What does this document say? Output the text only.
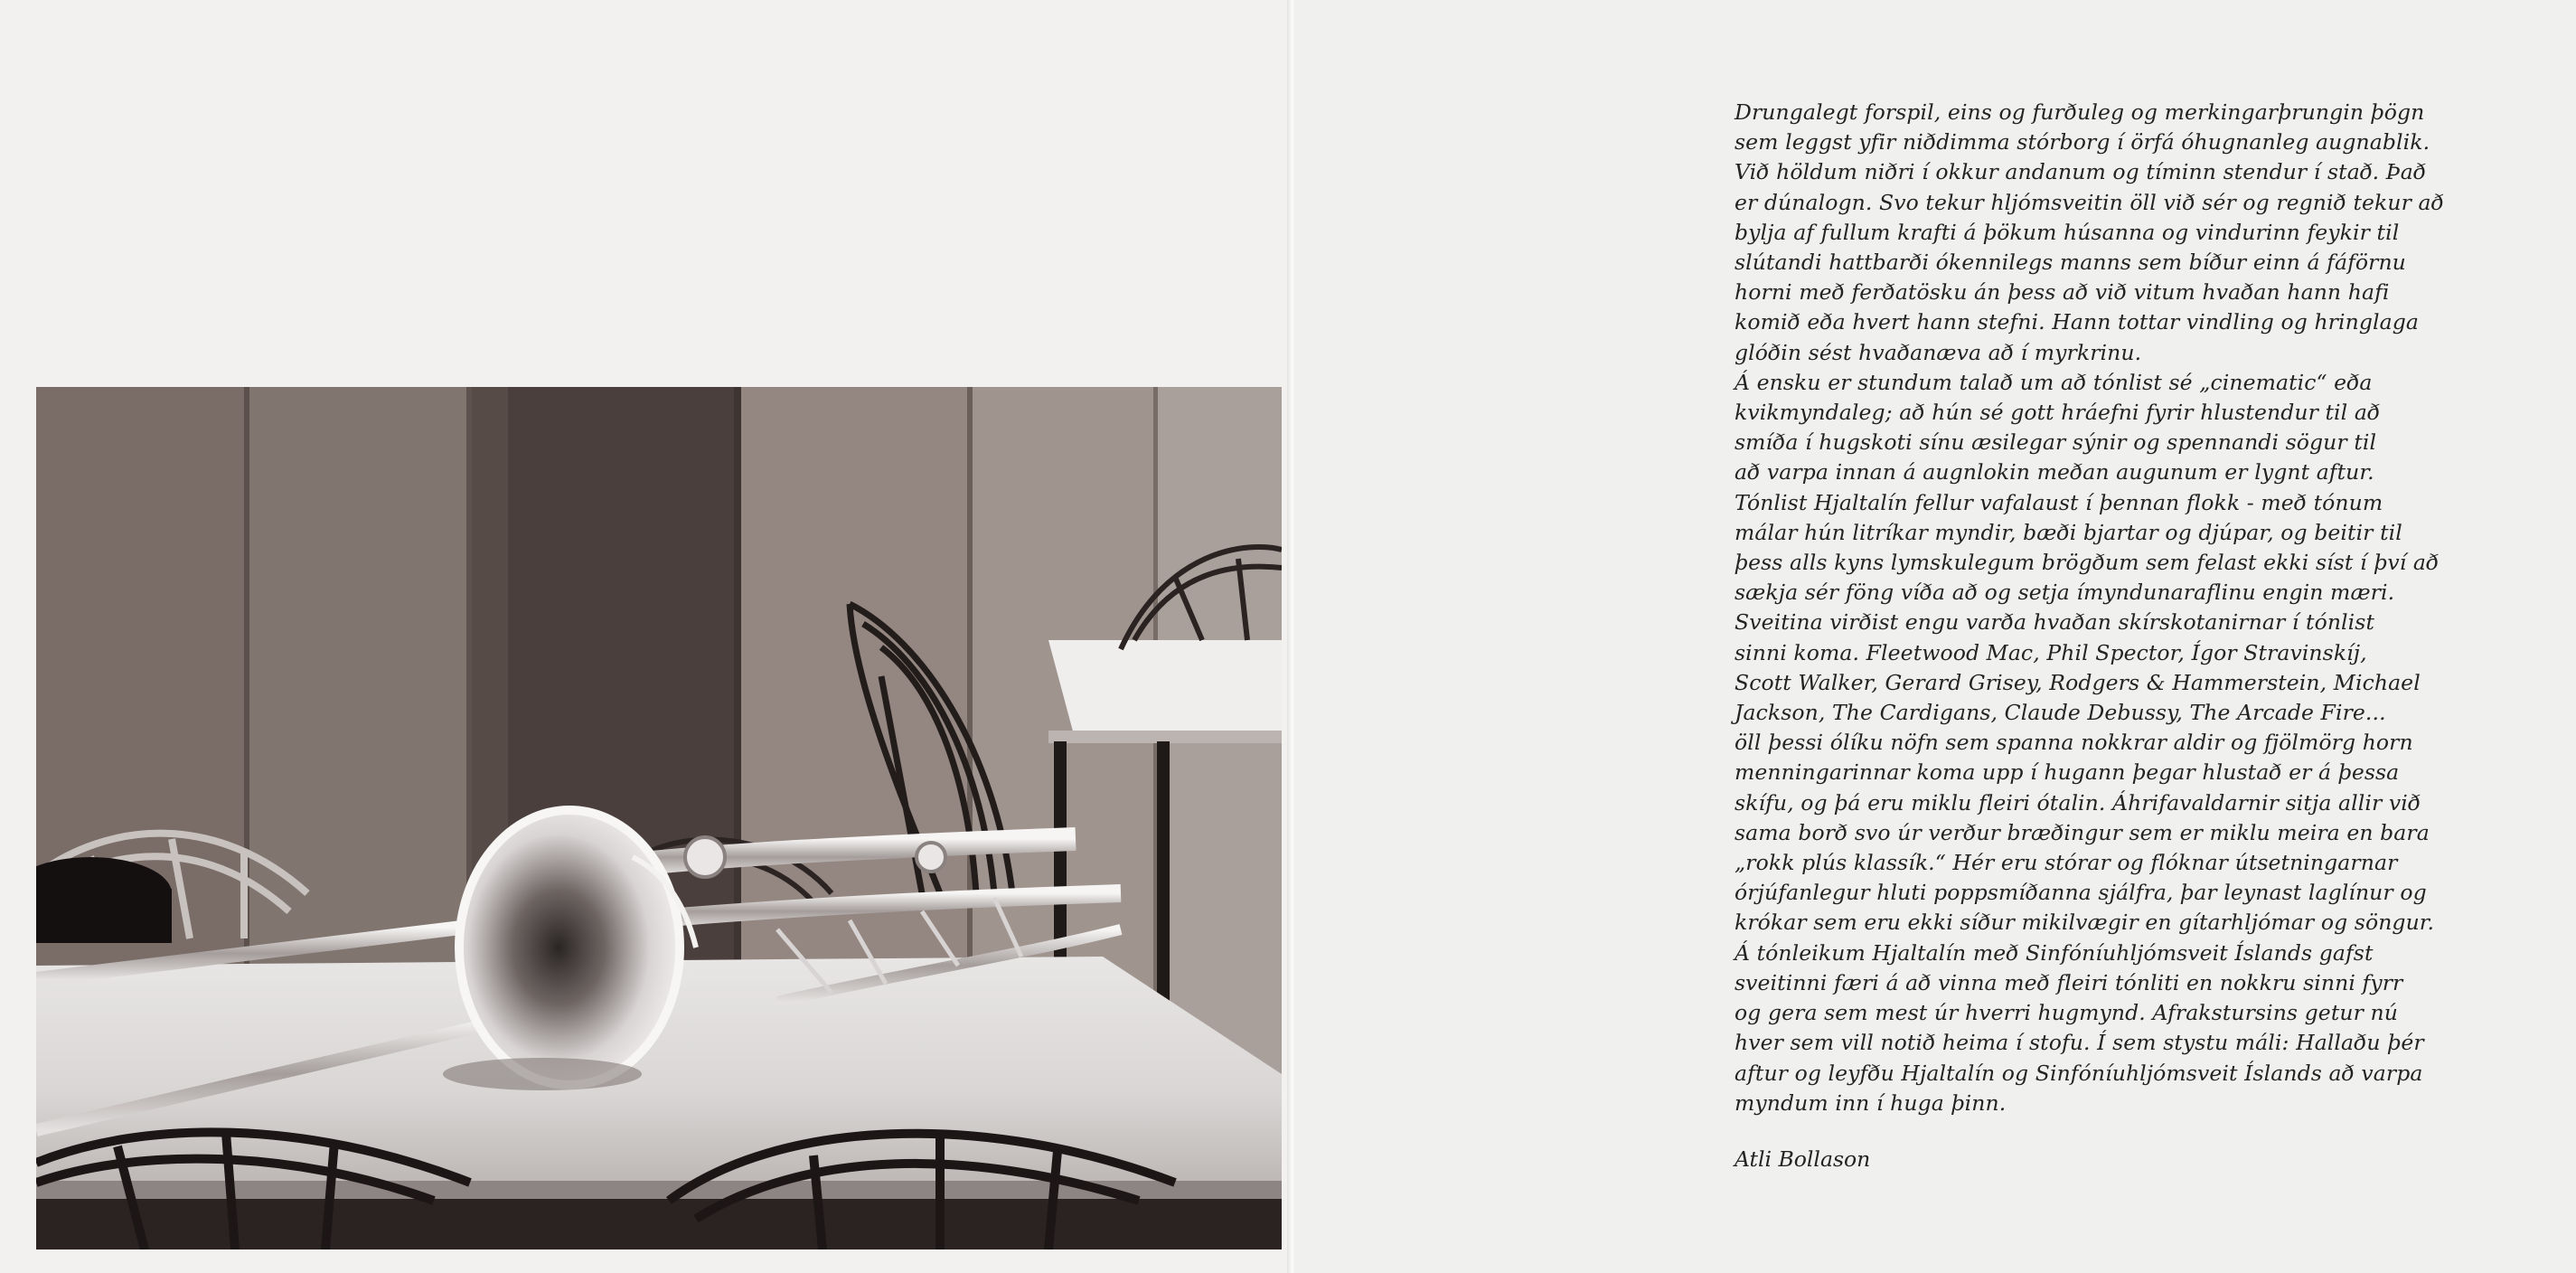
Drungalegt forspil, eins og furðuleg og merkingarþrungin þögn
sem leggst yfir niðdimma stórborg í örfá óhugnanleg augnablik.
Við höldum niðri í okkur andanum og tíminn stendur í stað. Það
er dúnalogn. Svo tekur hljómsveitin öll við sér og regnið tekur að
bylja af fullum krafti á þökum húsanna og vindurinn feykir til
slútandi hattbarði ókennilegs manns sem bíður einn á fáförnu
horni með ferðatösku án þess að við vitum hvaðan hann hafi
komið eða hvert hann stefni. Hann tottar vindling og hringlaga
glóðin sést hvaðanæva að í myrkrinu.
Á ensku er stundum talað um að tónlist sé „cinematic“ eða
kvikmyndaleg; að hún sé gott hráefni fyrir hlustendur til að
smíða í hugskoti sínu æsilegar sýnir og spennandi sögur til
að varpa innan á augnlokin meðan augunum er lygnt aftur.
Tónlist Hjaltalín fellur vafalaust í þennan flokk - með tónum
málar hún litríkar myndir, bæði bjartar og djúpar, og beitir til
þess alls kyns lymskulegum brögðum sem felast ekki síst í því að
sækja sér föng víða að og setja ímyndunaraflinu engin mæri.
Sveitina virðist engu varða hvaðan skírskotanirnar í tónlist
sinni koma. Fleetwood Mac, Phil Spector, Ígor Stravinskíj,
Scott Walker, Gerard Grisey, Rodgers & Hammerstein, Michael
Jackson, The Cardigans, Claude Debussy, The Arcade Fire...
öll þessi ólíku nöfn sem spanna nokkrar aldir og fjölmörg horn
menningarinnar koma upp í hugann þegar hlustað er á þessa
skífu, og þá eru miklu fleiri ótalin. Áhrifavaldarnir sitja allir við
sama borð svo úr verður bræðingur sem er miklu meira en bara
„rokk plús klassík.“ Hér eru stórar og flóknar útsetningarnar
órjúfanlegur hluti poppsmíðanna sjálfra, þar leynast laglínur og
krókar sem eru ekki síður mikilvægir en gítarhljómar og söngur.
Á tónleikum Hjaltalín með Sinfóníuhljómsveit Íslands gafst
sveitinni færi á að vinna með fleiri tónliti en nokkru sinni fyrr
og gera sem mest úr hverri hugmynd. Afrakstursins getur nú
hver sem vill notið heima í stofu. Í sem stystu máli: Hallaðu þér
aftur og leyfðu Hjaltalín og Sinfóníuhljómsveit Íslands að varpa
myndum inn í huga þinn.
Atli Bollason
